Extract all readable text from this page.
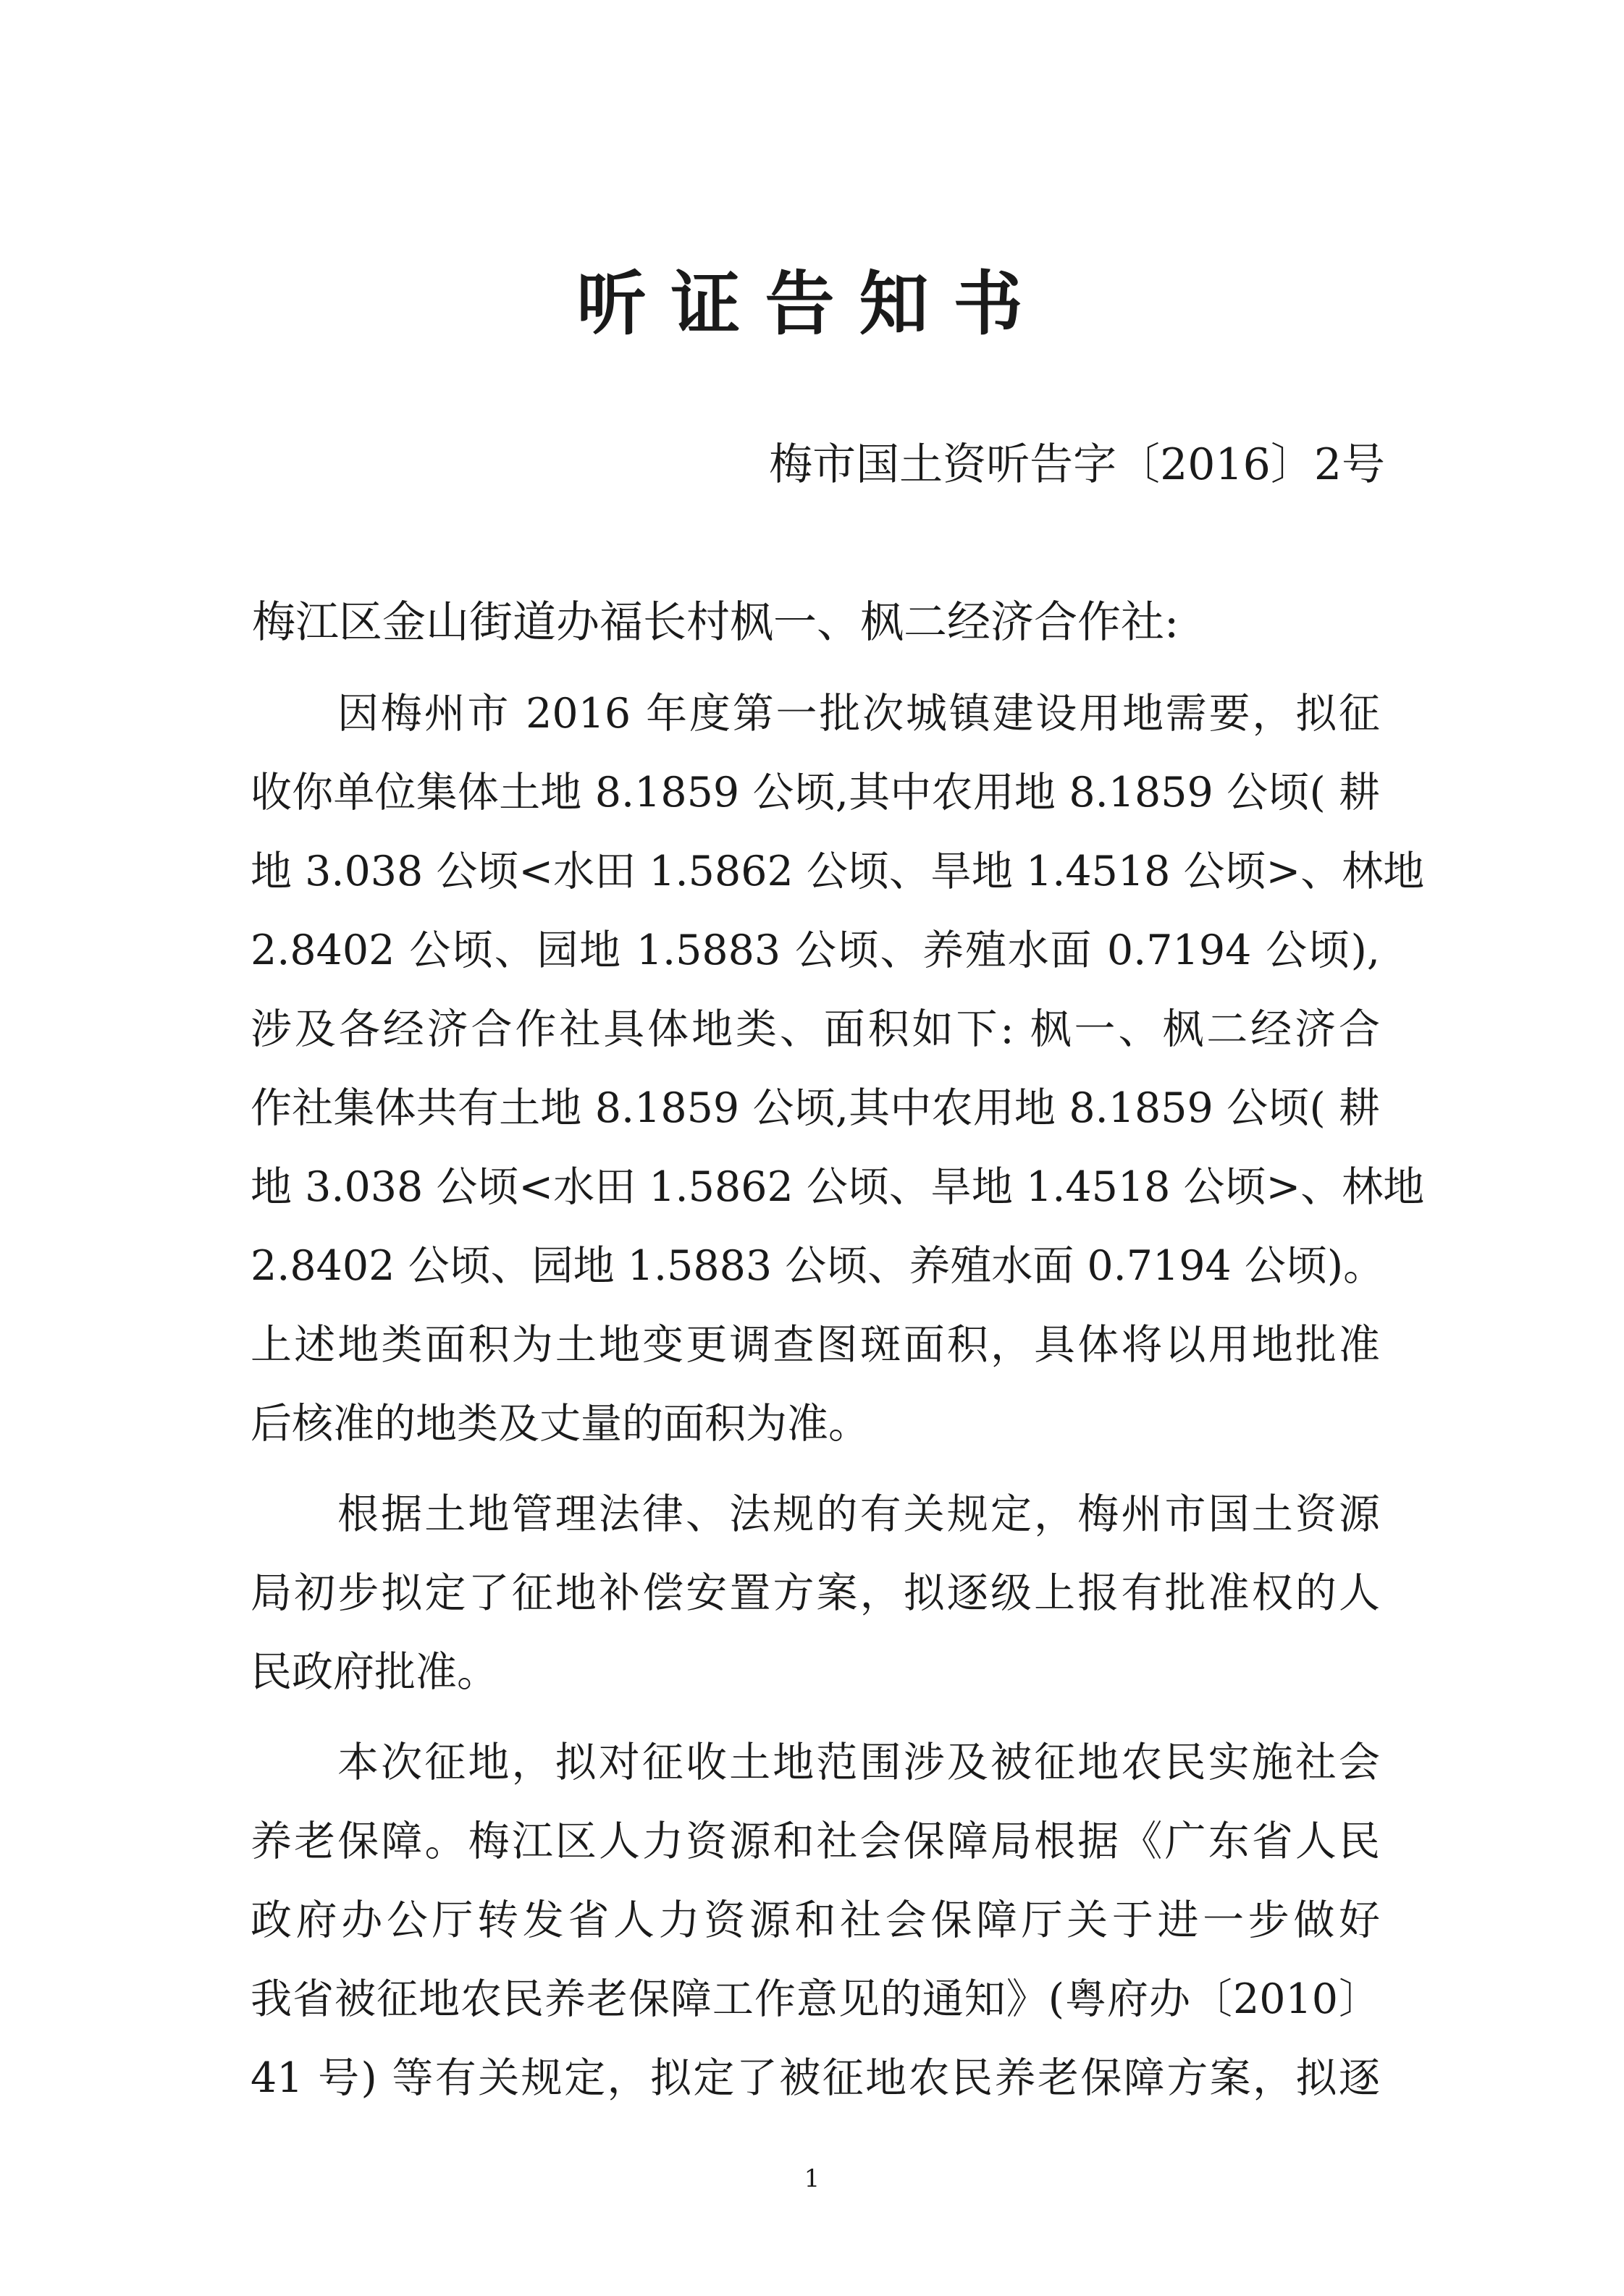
听证告知书
梅市国土资听告字〔2016〕2号
梅江区金山街道办福长村枫一、枫二经济合作社:
因梅州市 2016 年度第一批次城镇建设用地需要，拟征
收你单位集体土地 8.1859 公顷,其中农用地 8.1859 公顷( 耕
地 3.038 公顷<水田 1.5862 公顷、旱地 1.4518 公顷>、林地
2.8402 公顷、园地 1.5883 公顷、养殖水面 0.7194 公顷),
涉及各经济合作社具体地类、面积如下: 枫一、枫二经济合
作社集体共有土地 8.1859 公顷,其中农用地 8.1859 公顷( 耕
地 3.038 公顷<水田 1.5862 公顷、旱地 1.4518 公顷>、林地
2.8402 公顷、园地 1.5883 公顷、养殖水面 0.7194 公顷)。
上述地类面积为土地变更调查图斑面积，具体将以用地批准
后核准的地类及丈量的面积为准。
根据土地管理法律、法规的有关规定，梅州市国土资源
局初步拟定了征地补偿安置方案，拟逐级上报有批准权的人
民政府批准。
本次征地，拟对征收土地范围涉及被征地农民实施社会
养老保障。梅江区人力资源和社会保障局根据《广东省人民
政府办公厅转发省人力资源和社会保障厅关于进一步做好
我省被征地农民养老保障工作意见的通知》(粤府办〔2010〕
41 号) 等有关规定，拟定了被征地农民养老保障方案，拟逐
1
